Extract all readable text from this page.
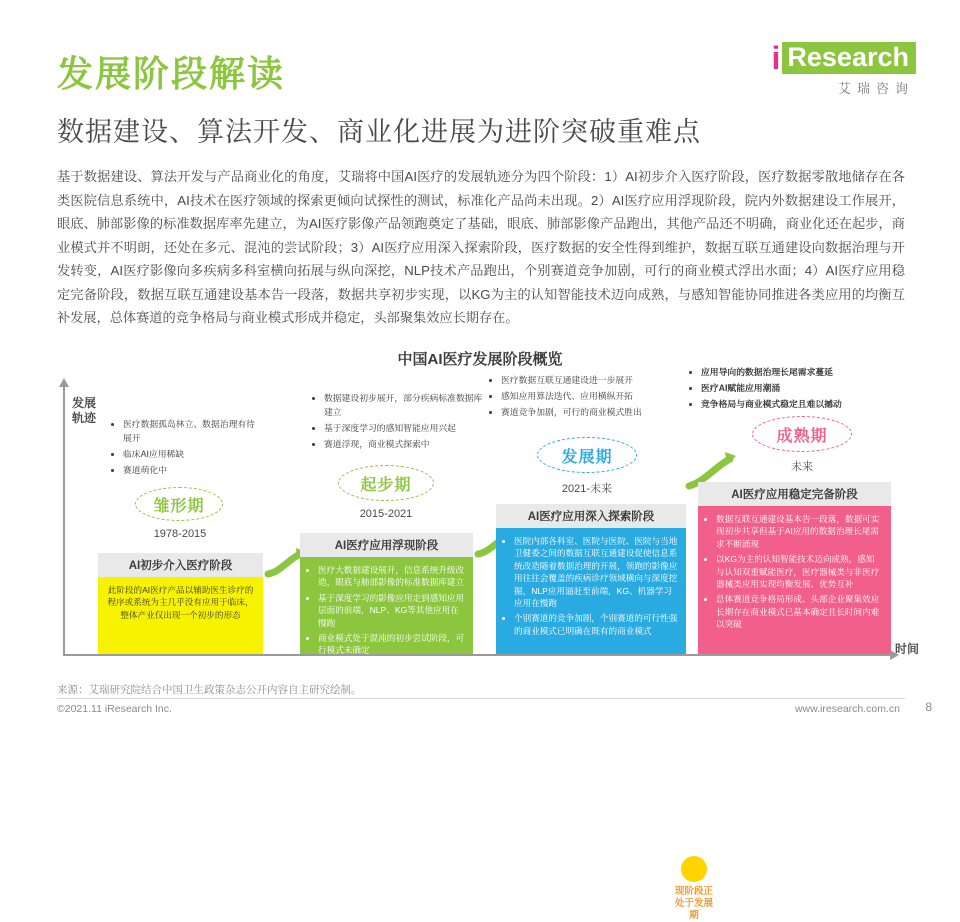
发展阶段解读
数据建设、算法开发、商业化进展为进阶突破重难点
i Research
艾瑞咨询
基于数据建设、算法开发与产品商业化的角度，艾瑞将中国AI医疗的发展轨迹分为四个阶段：1）AI初步介入医疗阶段，医疗数据零散地储存在各类医院信息系统中，AI技术在医疗领域的探索更倾向试探性的测试，标准化产品尚未出现。2）AI医疗应用浮现阶段，院内外数据建设工作展开，眼底、肺部影像的标准数据库率先建立，为AI医疗影像产品领跑奠定了基础，眼底、肺部影像产品跑出，其他产品还不明确，商业化还在起步，商业模式并不明朗，还处在多元、混沌的尝试阶段；3）AI医疗应用深入探索阶段，医疗数据的安全性得到维护，数据互联互通建设向数据治理与开发转变，AI医疗影像向多疾病多科室横向拓展与纵向深挖，NLP技术产品跑出，个别赛道竞争加剧，可行的商业模式浮出水面；4）AI医疗应用稳定完备阶段，数据互联互通建设基本告一段落，数据共享初步实现，以KG为主的认知智能技术迈向成熟，与感知智能协同推进各类应用的均衡互补发展，总体赛道的竞争格局与商业模式形成并稳定，头部聚集效应长期存在。
中国AI医疗发展阶段概览
发展
轨迹
时间
• 医疗数据孤岛林立、数据治理有待展开
• 临床AI应用稀缺
• 赛道萌化中
雏形期
1978-2015
AI初步介入医疗阶段
此阶段的AI医疗产品以辅助医生诊疗的程序或系统为主几乎没有应用于临床，整体产业仅出现一个初步的形态
• 数据建设初步展开，部分疾病标准数据库建立
• 基于深度学习的感知智能应用兴起
• 赛道浮现，商业模式探索中
起步期
2015-2021
AI医疗应用浮现阶段
• 医疗大数据建设展开，信息系统升级改造，眼底与肺部影像的标准数据库建立
• 基于深度学习的影像应用走到感知应用层面的前端，NLP、KG等其他应用在慢跑
• 商业模式处于混沌的初步尝试阶段，可行模式未确定
• 医疗数据互联互通建设进一步展开
• 感知应用算法迭代、应用横纵开拓
• 赛道竞争加剧，可行的商业模式胜出
发展期
2021-未来
AI医疗应用深入探索阶段
• 医院内部各科室、医院与医院、医院与当地卫健委之间的数据互联互通建设促使信息系统改造随着数据治理的开展，领跑的影像应用往往会覆盖的疾病诊疗领域横向与深度挖掘，NLP应用逼赶至前端，KG、机器学习应用在慢跑
• 个别赛道的竞争加剧，个别赛道的可行性强的商业模式已明确在既有的商业模式
现阶段正处于发展期
• 应用导向的数据治理长尾需求蔓延
• 医疗AI赋能应用潮涌
• 竞争格局与商业模式稳定且难以撼动
成熟期
未来
AI医疗应用稳定完备阶段
• 数据互联互通建设基本告一段落，数据可实现初步共享但基于AI应用的数据治理长尾需求不断涌现
• 以KG为主的认知智能技术迈向成熟，感知与认知双重赋能医疗，医疗器械类与非医疗器械类应用实现均衡发展、优势互补
• 总体赛道竞争格局形成、头部企业聚集效应长期存在商业模式已基本确定且长时间内难以突破
来源：艾瑞研究院结合中国卫生政策杂志公开内容自主研究绘制。
©2021.11 iResearch Inc.	www.iresearch.com.cn 8
